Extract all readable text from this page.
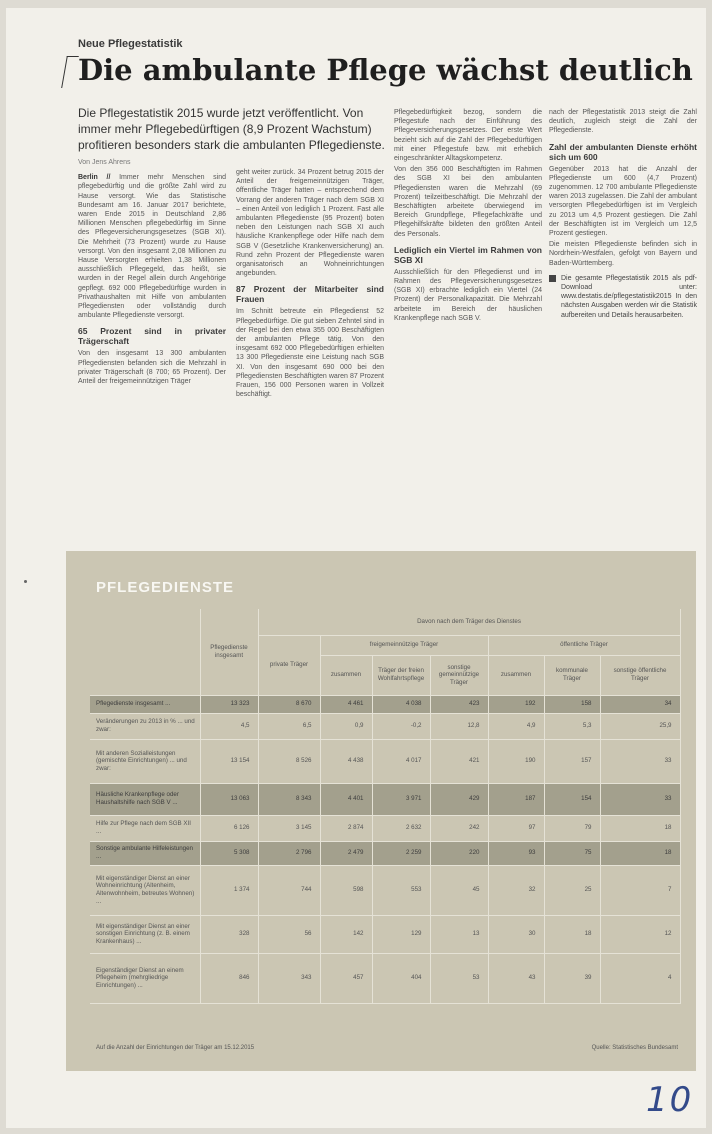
Neue Pflegestatistik
Die ambulante Pflege wächst deutlich

Die Pflegestatistik 2015 wurde jetzt veröffentlicht. Von immer mehr Pflegebedürftigen (8,9 Prozent Wachstum) profitieren besonders stark die ambulanten Pflegedienste.

Von Jens Ahrens

Berlin // Immer mehr Menschen sind pflegebedürftig und die größte Zahl wird zu Hause versorgt. Wie das Statistische Bundesamt am 16. Januar 2017 berichtete, waren Ende 2015 in Deutschland 2,86 Millionen Menschen pflegebedürftig im Sinne des Pflegeversicherungsgesetzes (SGB XI). Die Mehrheit (73 Prozent) wurde zu Hause versorgt. Von den insgesamt 2,08 Millionen zu Hause Versorgten erhielten 1,38 Millionen ausschließlich Pflegegeld, das heißt, sie wurden in der Regel allein durch Angehörige gepflegt. 692 000 Pflegebedürftige wurden in Privathaushalten mit Hilfe von ambulanten Pflegediensten oder vollständig durch ambulante Pflegedienste versorgt.

65 Prozent sind in privater Trägerschaft

Von den insgesamt 13 300 ambulanten Pflegediensten befanden sich die Mehrzahl in privater Trägerschaft (8 700; 65 Prozent). Der Anteil der freigemeinnützigen Träger

geht weiter zurück. 34 Prozent betrug 2015 der Anteil der freigemeinnützigen Träger, öffentliche Träger hatten – entsprechend dem Vorrang der anderen Träger nach dem SGB XI – einen Anteil von lediglich 1 Prozent. Fast alle ambulanten Pflegedienste (95 Prozent) boten neben den Leistungen nach SGB XI auch häusliche Krankenpflege oder Hilfe nach dem SGB V (Gesetzliche Krankenversicherung) an. Rund zehn Prozent der Pflegedienste waren organisatorisch an Wohneinrichtungen angebunden.

87 Prozent der Mitarbeiter sind Frauen

Im Schnitt betreute ein Pflegedienst 52 Pflegebedürftige. Die gut sieben Zehntel sind in der Regel bei den etwa 355 000 Beschäftigten der ambulanten Pflege tätig. Von den insgesamt 692 000 Pflegebedürftigen erhielten 13 300 Pflegedienste eine Leistung nach SGB XI. Von den insgesamt 690 000 bei den Pflegediensten Beschäftigten waren 87 Prozent Frauen, 156 000 Personen waren in Vollzeit beschäftigt.

Pflegebedürftigkeit bezog, sondern die Pflegestufe nach der Einführung des Pflegeversicherungsgesetzes. Der erste Wert bezieht sich auf die Zahl der Pflegebedürftigen mit einer Pflegestufe bzw. mit erheblich eingeschränkter Alltagskompetenz.

Von den 356 000 Beschäftigten im Rahmen des SGB XI bei den ambulanten Pflegediensten waren die Mehrzahl (69 Prozent) teilzeitbeschäftigt. Die Mehrzahl der Beschäftigten arbeitete überwiegend im Bereich Grundpflege, Pflegefachkräfte und Pflegehilfskräfte bildeten den größten Anteil des Personals.

Lediglich ein Viertel im Rahmen von SGB XI

Ausschließlich für den Pflegedienst und im Rahmen des Pflegeversicherungsgesetzes (SGB XI) erbrachte lediglich ein Viertel (24 Prozent) der Personalkapazität. Die Mehrzahl arbeitete im Bereich der häuslichen Krankenpflege nach SGB V.

nach der Pflegestatistik 2013 steigt die Zahl deutlich, zugleich steigt die Zahl der Pflegedienste.

Zahl der ambulanten Dienste erhöht sich um 600

Gegenüber 2013 hat die Anzahl der Pflegedienste um 600 (4,7 Prozent) zugenommen. 12 700 ambulante Pflegedienste waren 2013 zugelassen. Die Zahl der ambulant versorgten Pflegebedürftigen ist im Vergleich zu 2013 um 4,5 Prozent gestiegen. Die Zahl der Beschäftigten ist im Vergleich um 12,5 Prozent gestiegen.

Die meisten Pflegedienste befinden sich in Nordrhein-Westfalen, gefolgt von Bayern und Baden-Württemberg.

Die gesamte Pflegestatistik 2015 als pdf-Download unter: www.destatis.de/pflegestatistik2015 In den nächsten Ausgaben werden wir die Statistik aufbereiten und Details herausarbeiten.
PFLEGEDIENSTE
	Pflegedienste insgesamt	Davon nach dem Träger des Dienstes						
		private Träger	freigemeinnützige Träger			öffentliche Träger		
			zusammen	Träger der freien Wohlfahrtspflege	sonstige gemeinnützige Träger	zusammen	kommunale Träger	sonstige öffentliche Träger
Pflegedienste insgesamt ...	13 323	8 670	4 461	4 038	423	192	158	34
Veränderungen zu 2013 in % ... und zwar:	4,5	6,5	0,9	-0,2	12,8	4,9	5,3	25,9
Mit anderen Sozialleistungen (gemischte Einrichtungen) ... und zwar:	13 154	8 526	4 438	4 017	421	190	157	33
Häusliche Krankenpflege oder Haushaltshilfe nach SGB V ...	13 063	8 343	4 401	3 971	429	187	154	33
Hilfe zur Pflege nach dem SGB XII ...	6 126	3 145	2 874	2 632	242	97	79	18
Sonstige ambulante Hilfeleistungen ...	5 308	2 796	2 479	2 259	220	93	75	18
Mit eigenständiger Dienst an einer Wohneinrichtung (Altenheim, Altenwohnheim, betreutes Wohnen) ...	1 374	744	598	553	45	32	25	7
Mit eigenständiger Dienst an einer sonstigen Einrichtung (z. B. einem Krankenhaus) ...	328	56	142	129	13	30	18	12
Eigenständiger Dienst an einem Pflegeheim (mehrgliedrige Einrichtungen) ...	846	343	457	404	53	43	39	4
Auf die Anzahl der Einrichtungen der Träger am 15.12.2015	Quelle: Statistisches Bundesamt
10
